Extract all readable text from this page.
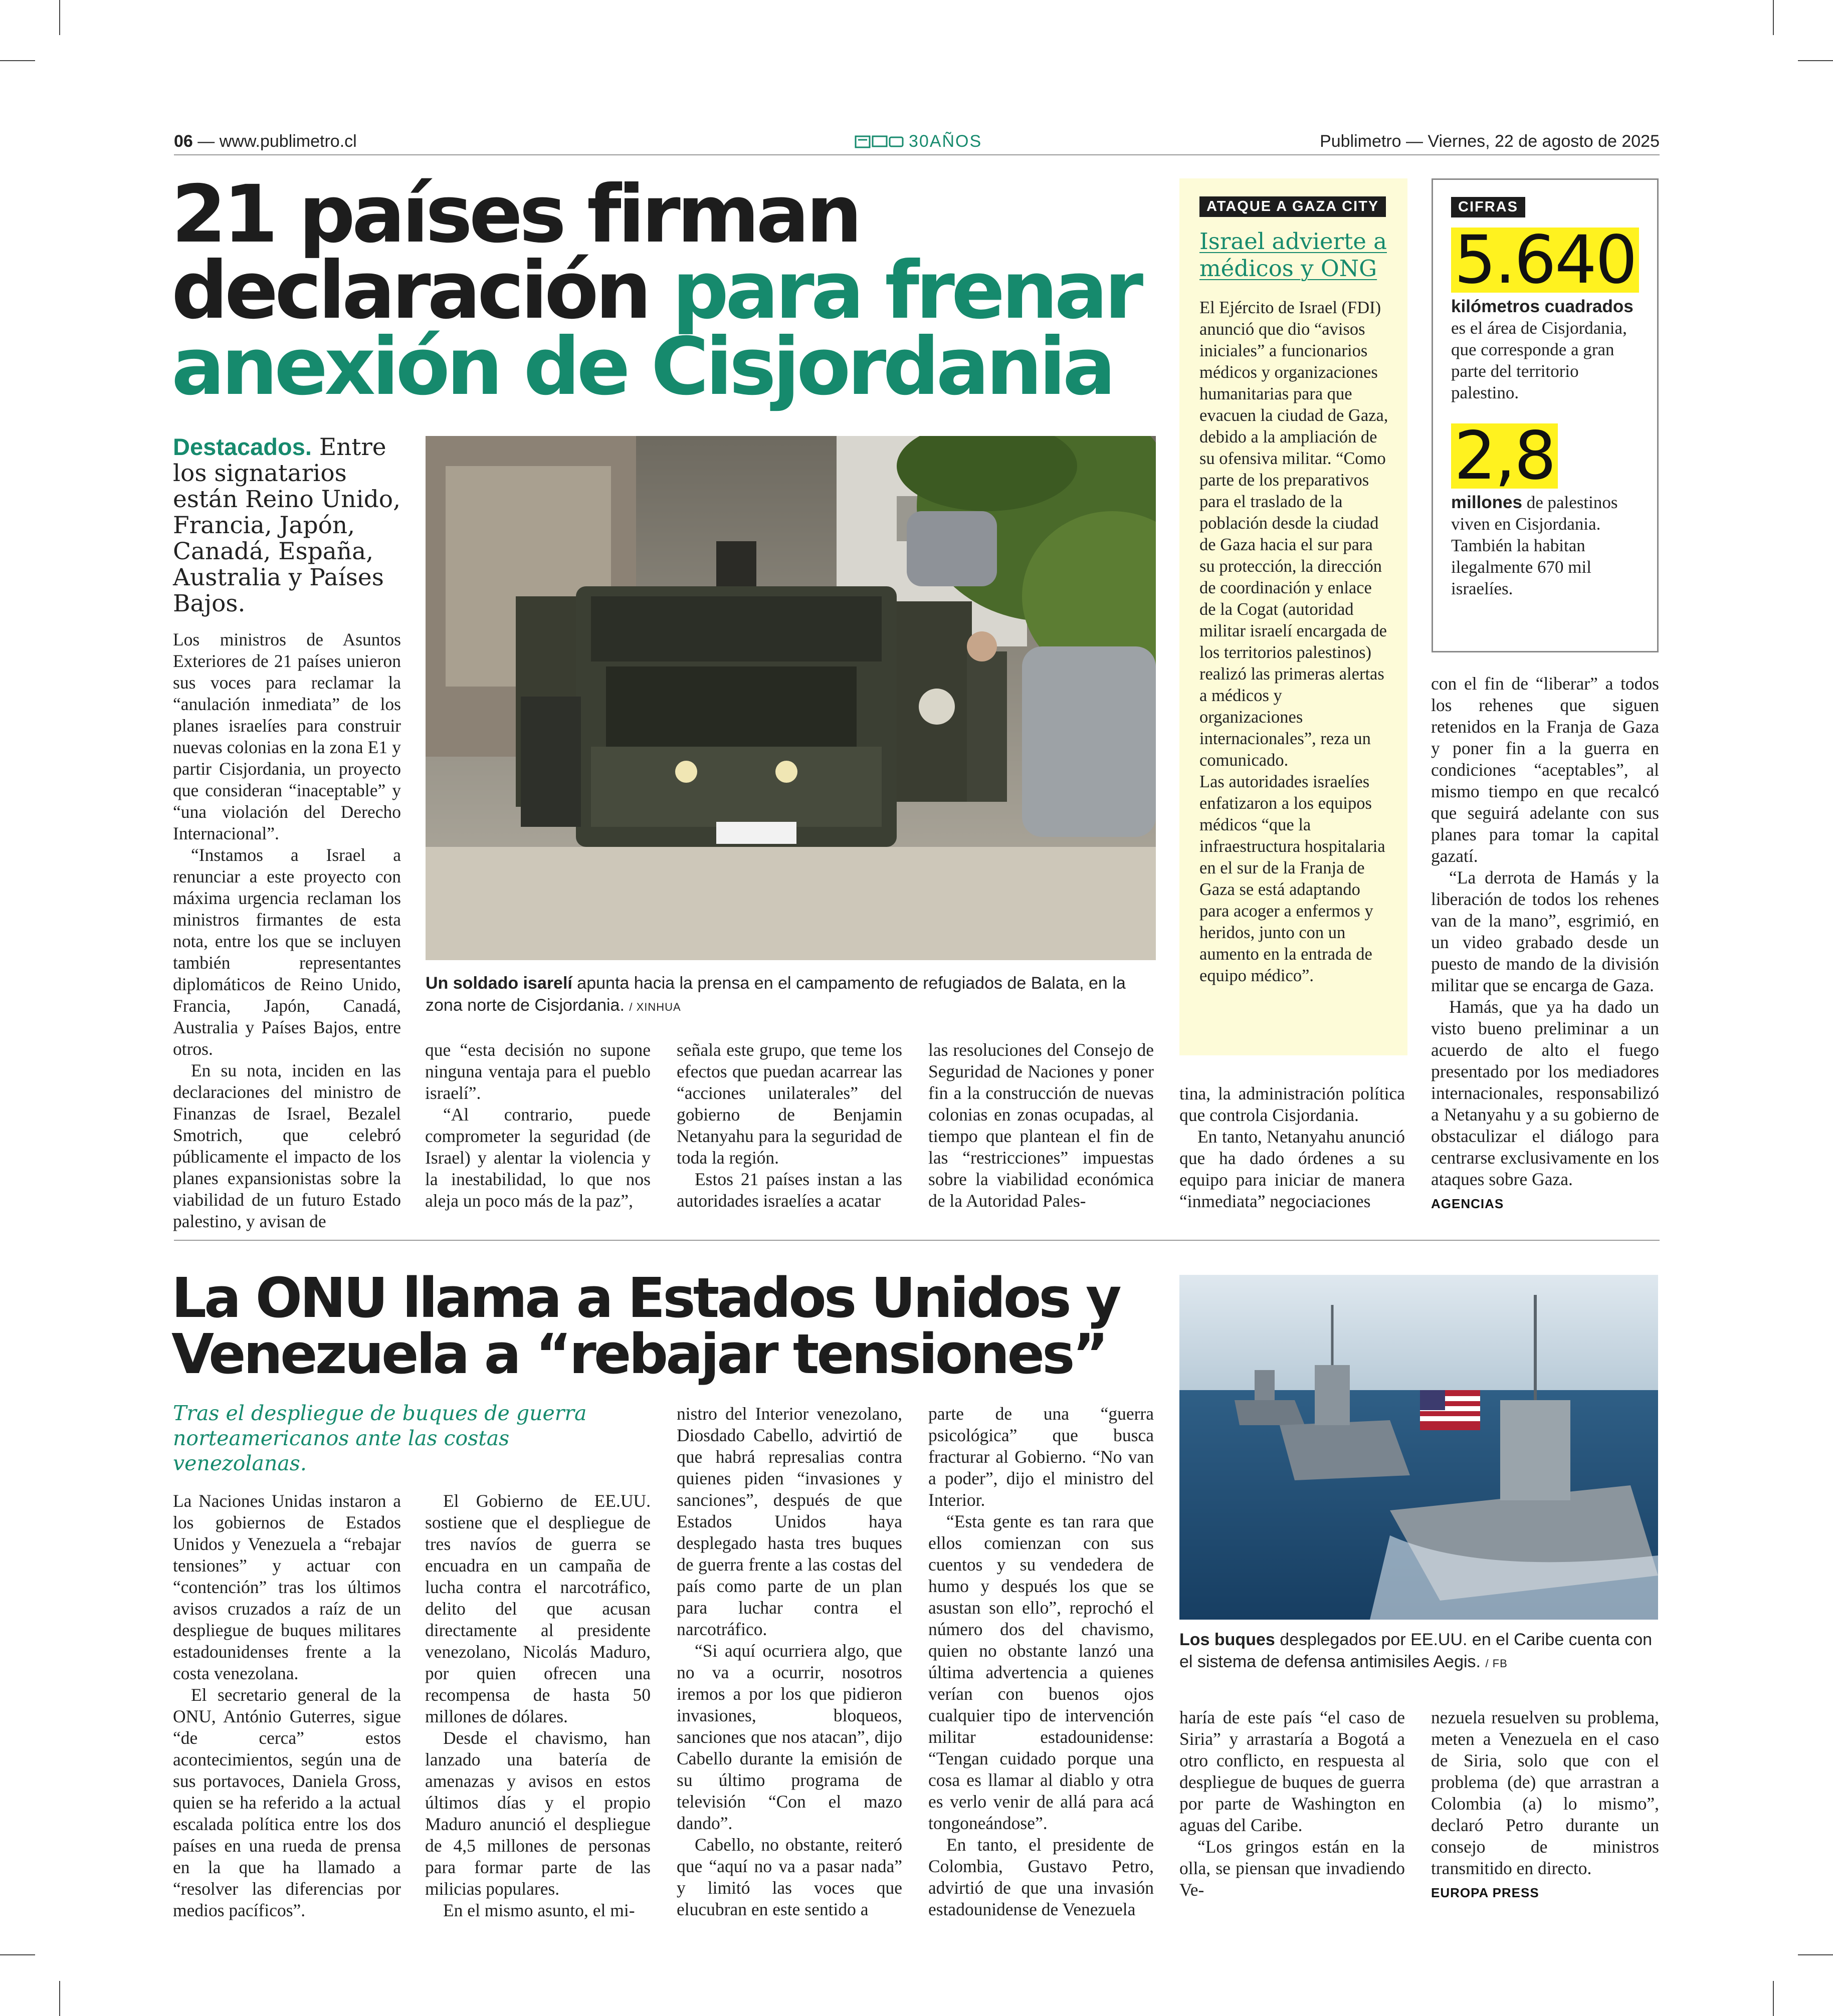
06 — www.publimetro.cl	30AÑOS	Publimetro — Viernes, 22 de agosto de 2025
21 países firman
declaración para frenar
anexión de Cisjordania
Destacados. Entre los signatarios están Reino Unido, Francia, Japón, Canadá, España, Australia y Países Bajos.
Un soldado isarelí apunta hacia la prensa en el campamento de refugiados de Balata, en la zona norte de Cisjordania. / XINHUA

Los ministros de Asuntos Exteriores de 21 países unieron sus voces para reclamar la “anulación inmediata” de los planes israelíes para construir nuevas colonias en la zona E1 y partir Cisjordania, un proyecto que consideran “inaceptable” y “una violación del Derecho Internacional”.

“Instamos a Israel a renunciar a este proyecto con máxima urgencia reclaman los ministros firmantes de esta nota, entre los que se incluyen también representantes diplomáticos de Reino Unido, Francia, Japón, Canadá, Australia y Países Bajos, entre otros.

En su nota, inciden en las declaraciones del ministro de Finanzas de Israel, Bezalel Smotrich, que celebró públicamente el impacto de los planes expansionistas sobre la viabilidad de un futuro Estado palestino, y avisan de

que “esta decisión no supone ninguna ventaja para el pueblo israelí”.

“Al contrario, puede comprometer la seguridad (de Israel) y alentar la violencia y la inestabilidad, lo que nos aleja un poco más de la paz”,

señala este grupo, que teme los efectos que puedan acarrear las “acciones unilaterales” del gobierno de Benjamin Netanyahu para la seguridad de toda la región.

Estos 21 países instan a las autoridades israelíes a acatar

las resoluciones del Consejo de Seguridad de Naciones y poner fin a la construcción de nuevas colonias en zonas ocupadas, al tiempo que plantean el fin de las “restricciones” impuestas sobre la viabilidad económica de la Autoridad Pales-

tina, la administración política que controla Cisjordania.

En tanto, Netanyahu anunció que ha dado órdenes a su equipo para iniciar de manera “inmediata” negociaciones

con el fin de “liberar” a todos los rehenes que siguen retenidos en la Franja de Gaza y poner fin a la guerra en condiciones “aceptables”, al mismo tiempo en que recalcó que seguirá adelante con sus planes para tomar la capital gazatí.

“La derrota de Hamás y la liberación de todos los rehenes van de la mano”, esgrimió, en un video grabado desde un puesto de mando de la división militar que se encarga de Gaza.

Hamás, que ya ha dado un visto bueno preliminar a un acuerdo de alto el fuego presentado por los mediadores internacionales, responsabilizó a Netanyahu y a su gobierno de obstaculizar el diálogo para centrarse exclusivamente en los ataques sobre Gaza.

AGENCIAS
ATAQUE A GAZA CITY
Israel advierte a médicos y ONG
El Ejército de Israel (FDI) anunció que dio “avisos iniciales” a funcionarios médicos y organizaciones humanitarias para que evacuen la ciudad de Gaza, debido a la ampliación de su ofensiva militar. “Como parte de los preparativos para el traslado de la población desde la ciudad de Gaza hacia el sur para su protección, la dirección de coordinación y enlace de la Cogat (autoridad militar israelí encargada de los territorios palestinos) realizó las primeras alertas a médicos y organizaciones internacionales”, reza un comunicado.
Las autoridades israelíes enfatizaron a los equipos médicos “que la infraestructura hospitalaria en el sur de la Franja de Gaza se está adaptando para acoger a enfermos y heridos, junto con un aumento en la entrada de equipo médico”.
CIFRAS
5.640
kilómetros cuadrados es el área de Cisjordania, que corresponde a gran parte del territorio palestino.
2,8
millones de palestinos viven en Cisjordania. También la habitan ilegalmente 670 mil israelíes.
La ONU llama a Estados Unidos y
Venezuela a “rebajar tensiones”
Tras el despliegue de buques de guerra norteamericanos ante las costas venezolanas.

La Naciones Unidas instaron a los gobiernos de Estados Unidos y Venezuela a “rebajar tensiones” y actuar con “contención” tras los últimos avisos cruzados a raíz de un despliegue de buques militares estadounidenses frente a la costa venezolana.

El secretario general de la ONU, António Guterres, sigue “de cerca” estos acontecimientos, según una de sus portavoces, Daniela Gross, quien se ha referido a la actual escalada política entre los dos países en una rueda de prensa en la que ha llamado a “resolver las diferencias por medios pacíficos”.

El Gobierno de EE.UU. sostiene que el despliegue de tres navíos de guerra se encuadra en un campaña de lucha contra el narcotráfico, delito del que acusan directamente al presidente venezolano, Nicolás Maduro, por quien ofrecen una recompensa de hasta 50 millones de dólares.

Desde el chavismo, han lanzado una batería de amenazas y avisos en estos últimos días y el propio Maduro anunció el despliegue de 4,5 millones de personas para formar parte de las milicias populares.

En el mismo asunto, el mi-

nistro del Interior venezolano, Diosdado Cabello, advirtió de que habrá represalias contra quienes piden “invasiones y sanciones”, después de que Estados Unidos haya desplegado hasta tres buques de guerra frente a las costas del país como parte de un plan para luchar contra el narcotráfico.

“Si aquí ocurriera algo, que no va a ocurrir, nosotros iremos a por los que pidieron invasiones, bloqueos, sanciones que nos atacan”, dijo Cabello durante la emisión de su último programa de televisión “Con el mazo dando”.

Cabello, no obstante, reiteró que “aquí no va a pasar nada” y limitó las voces que elucubran en este sentido a

parte de una “guerra psicológica” que busca fracturar al Gobierno. “No van a poder”, dijo el ministro del Interior.

“Esta gente es tan rara que ellos comienzan con sus cuentos y su vendedera de humo y después los que se asustan son ello”, reprochó el número dos del chavismo, quien no obstante lanzó una última advertencia a quienes verían con buenos ojos cualquier tipo de intervención militar estadounidense: “Tengan cuidado porque una cosa es llamar al diablo y otra es verlo venir de allá para acá tongoneándose”.

En tanto, el presidente de Colombia, Gustavo Petro, advirtió de que una invasión estadounidense de Venezuela

Los buques desplegados por EE.UU. en el Caribe cuenta con el sistema de defensa antimisiles Aegis. / FB

haría de este país “el caso de Siria” y arrastaría a Bogotá a otro conflicto, en respuesta al despliegue de buques de guerra por parte de Washington en aguas del Caribe.

“Los gringos están en la olla, se piensan que invadiendo Ve-

nezuela resuelven su problema, meten a Venezuela en el caso de Siria, solo que con el problema (de) que arrastran a Colombia (a) lo mismo”, declaró Petro durante un consejo de ministros transmitido en directo.

EUROPA PRESS
